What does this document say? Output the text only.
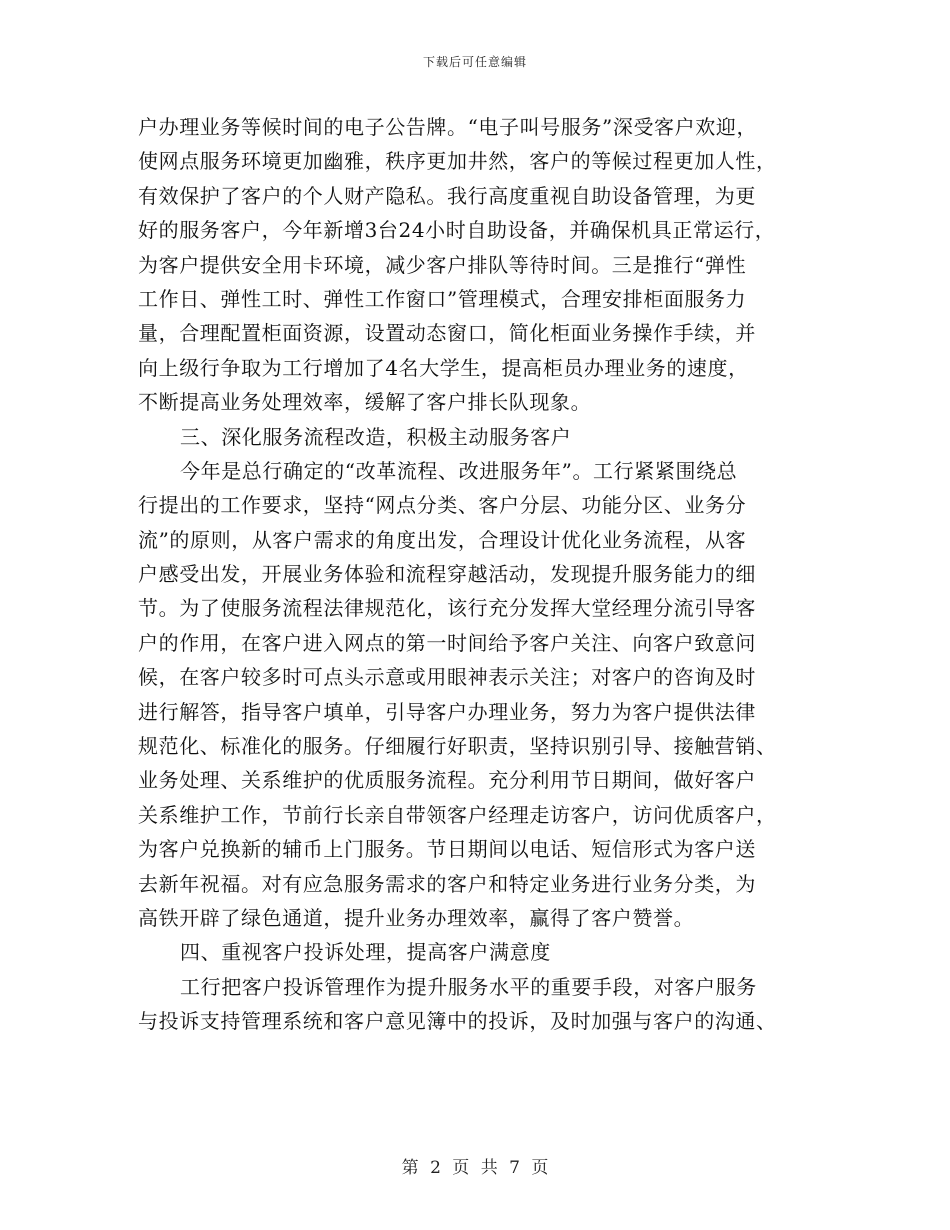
下载后可任意编辑
户办理业务等候时间的电子公告牌。“电子叫号服务”深受客户欢迎，
使网点服务环境更加幽雅，秩序更加井然，客户的等候过程更加人性，
有效保护了客户的个人财产隐私。我行高度重视自助设备管理，为更
好的服务客户，今年新增3台24小时自助设备，并确保机具正常运行，
为客户提供安全用卡环境，减少客户排队等待时间。三是推行“弹性
工作日、弹性工时、弹性工作窗口”管理模式，合理安排柜面服务力
量，合理配置柜面资源，设置动态窗口，简化柜面业务操作手续，并
向上级行争取为工行增加了4名大学生，提高柜员办理业务的速度，
不断提高业务处理效率，缓解了客户排长队现象。
三、深化服务流程改造，积极主动服务客户
今年是总行确定的“改革流程、改进服务年”。工行紧紧围绕总
行提出的工作要求，坚持“网点分类、客户分层、功能分区、业务分
流”的原则，从客户需求的角度出发，合理设计优化业务流程，从客
户感受出发，开展业务体验和流程穿越活动，发现提升服务能力的细
节。为了使服务流程法律规范化，该行充分发挥大堂经理分流引导客
户的作用，在客户进入网点的第一时间给予客户关注、向客户致意问
候，在客户较多时可点头示意或用眼神表示关注；对客户的咨询及时
进行解答，指导客户填单，引导客户办理业务，努力为客户提供法律
规范化、标准化的服务。仔细履行好职责，坚持识别引导、接触营销、
业务处理、关系维护的优质服务流程。充分利用节日期间，做好客户
关系维护工作，节前行长亲自带领客户经理走访客户，访问优质客户，
为客户兑换新的辅币上门服务。节日期间以电话、短信形式为客户送
去新年祝福。对有应急服务需求的客户和特定业务进行业务分类，为
高铁开辟了绿色通道，提升业务办理效率，赢得了客户赞誉。
四、重视客户投诉处理，提高客户满意度
工行把客户投诉管理作为提升服务水平的重要手段，对客户服务
与投诉支持管理系统和客户意见簿中的投诉，及时加强与客户的沟通、
第 2 页 共 7 页
